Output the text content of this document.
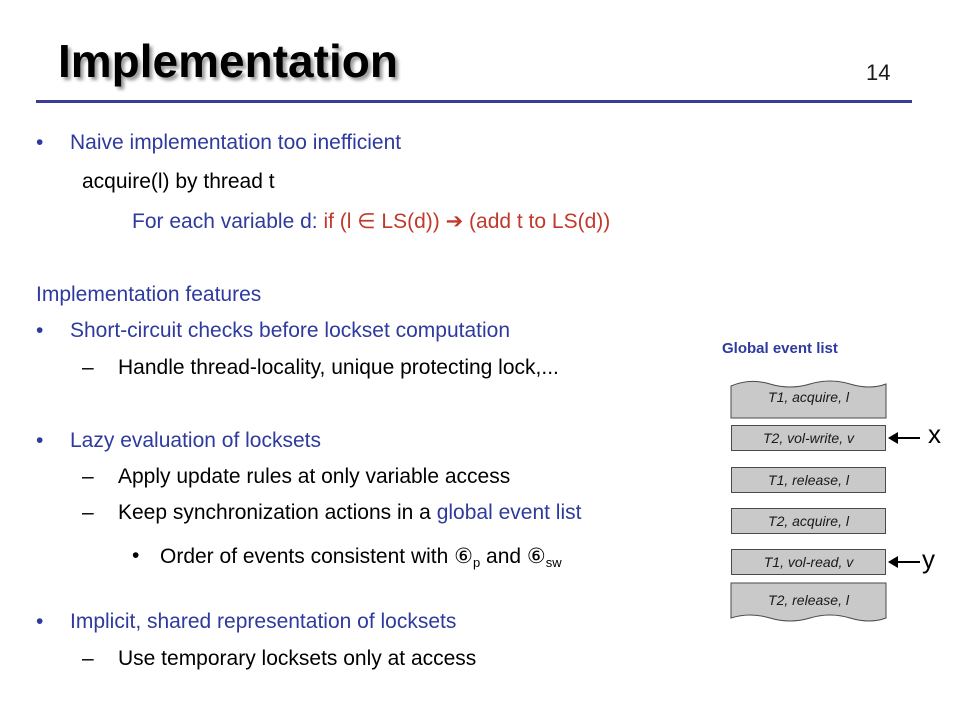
Implementation	14
• Naive implementation too inefficient
acquire(l) by thread t
For each variable d: if (l ∈ LS(d)) ➔ (add t to LS(d))
Implementation features
• Short-circuit checks before lockset computation
– Handle thread-locality, unique protecting lock,...
• Lazy evaluation of locksets
– Apply update rules at only variable access
– Keep synchronization actions in a global event list
• Order of events consistent with $⑥_p$ and $⑥_{sw}$
• Implicit, shared representation of locksets
– Use temporary locksets only at access
Global event list
T1, acquire, l
T2, vol-write, v
T1, release, l
T2, acquire, l
T1, vol-read, v
T2, release, l
x
y
